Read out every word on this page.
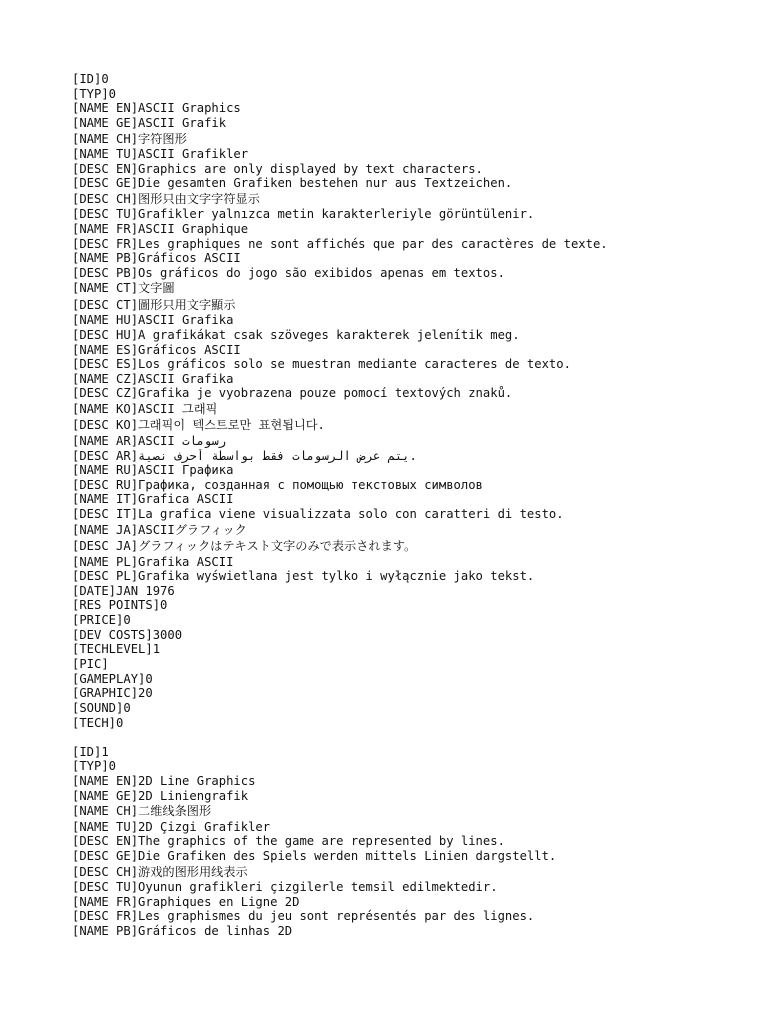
[ID]0
[TYP]0
[NAME EN]ASCII Graphics
[NAME GE]ASCII Grafik
[NAME CH]字符图形
[NAME TU]ASCII Grafikler
[DESC EN]Graphics are only displayed by text characters.
[DESC GE]Die gesamten Grafiken bestehen nur aus Textzeichen.
[DESC CH]图形只由文字字符显示
[DESC TU]Grafikler yalnızca metin karakterleriyle görüntülenir.
[NAME FR]ASCII Graphique
[DESC FR]Les graphiques ne sont affichés que par des caractères de texte.
[NAME PB]Gráficos ASCII
[DESC PB]Os gráficos do jogo são exibidos apenas em textos.
[NAME CT]文字圖
[DESC CT]圖形只用文字顯示
[NAME HU]ASCII Grafika
[DESC HU]A grafikákat csak szöveges karakterek jelenítik meg.
[NAME ES]Gráficos ASCII
[DESC ES]Los gráficos solo se muestran mediante caracteres de texto.
[NAME CZ]ASCII Grafika
[DESC CZ]Grafika je vyobrazena pouze pomocí textových znaků.
[NAME KO]ASCII 그래픽
[DESC KO]그래픽이 텍스트로만 표현됩니다.
[NAME AR]ASCII رسومات
[DESC AR]يتم عرض الرسومات فقط بواسطة أحرف نصية.
[NAME RU]ASCII Графика
[DESC RU]Графика, созданная с помощью текстовых символов
[NAME IT]Grafica ASCII
[DESC IT]La grafica viene visualizzata solo con caratteri di testo.
[NAME JA]ASCIIグラフィック
[DESC JA]グラフィックはテキスト文字のみで表示されます。
[NAME PL]Grafika ASCII
[DESC PL]Grafika wyświetlana jest tylko i wyłącznie jako tekst.
[DATE]JAN 1976
[RES POINTS]0
[PRICE]0
[DEV COSTS]3000
[TECHLEVEL]1
[PIC]
[GAMEPLAY]0
[GRAPHIC]20
[SOUND]0
[TECH]0
[ID]1
[TYP]0
[NAME EN]2D Line Graphics
[NAME GE]2D Liniengrafik
[NAME CH]二维线条图形
[NAME TU]2D Çizgi Grafikler
[DESC EN]The graphics of the game are represented by lines.
[DESC GE]Die Grafiken des Spiels werden mittels Linien dargstellt.
[DESC CH]游戏的图形用线表示
[DESC TU]Oyunun grafikleri çizgilerle temsil edilmektedir.
[NAME FR]Graphiques en Ligne 2D
[DESC FR]Les graphismes du jeu sont représentés par des lignes.
[NAME PB]Gráficos de linhas 2D
